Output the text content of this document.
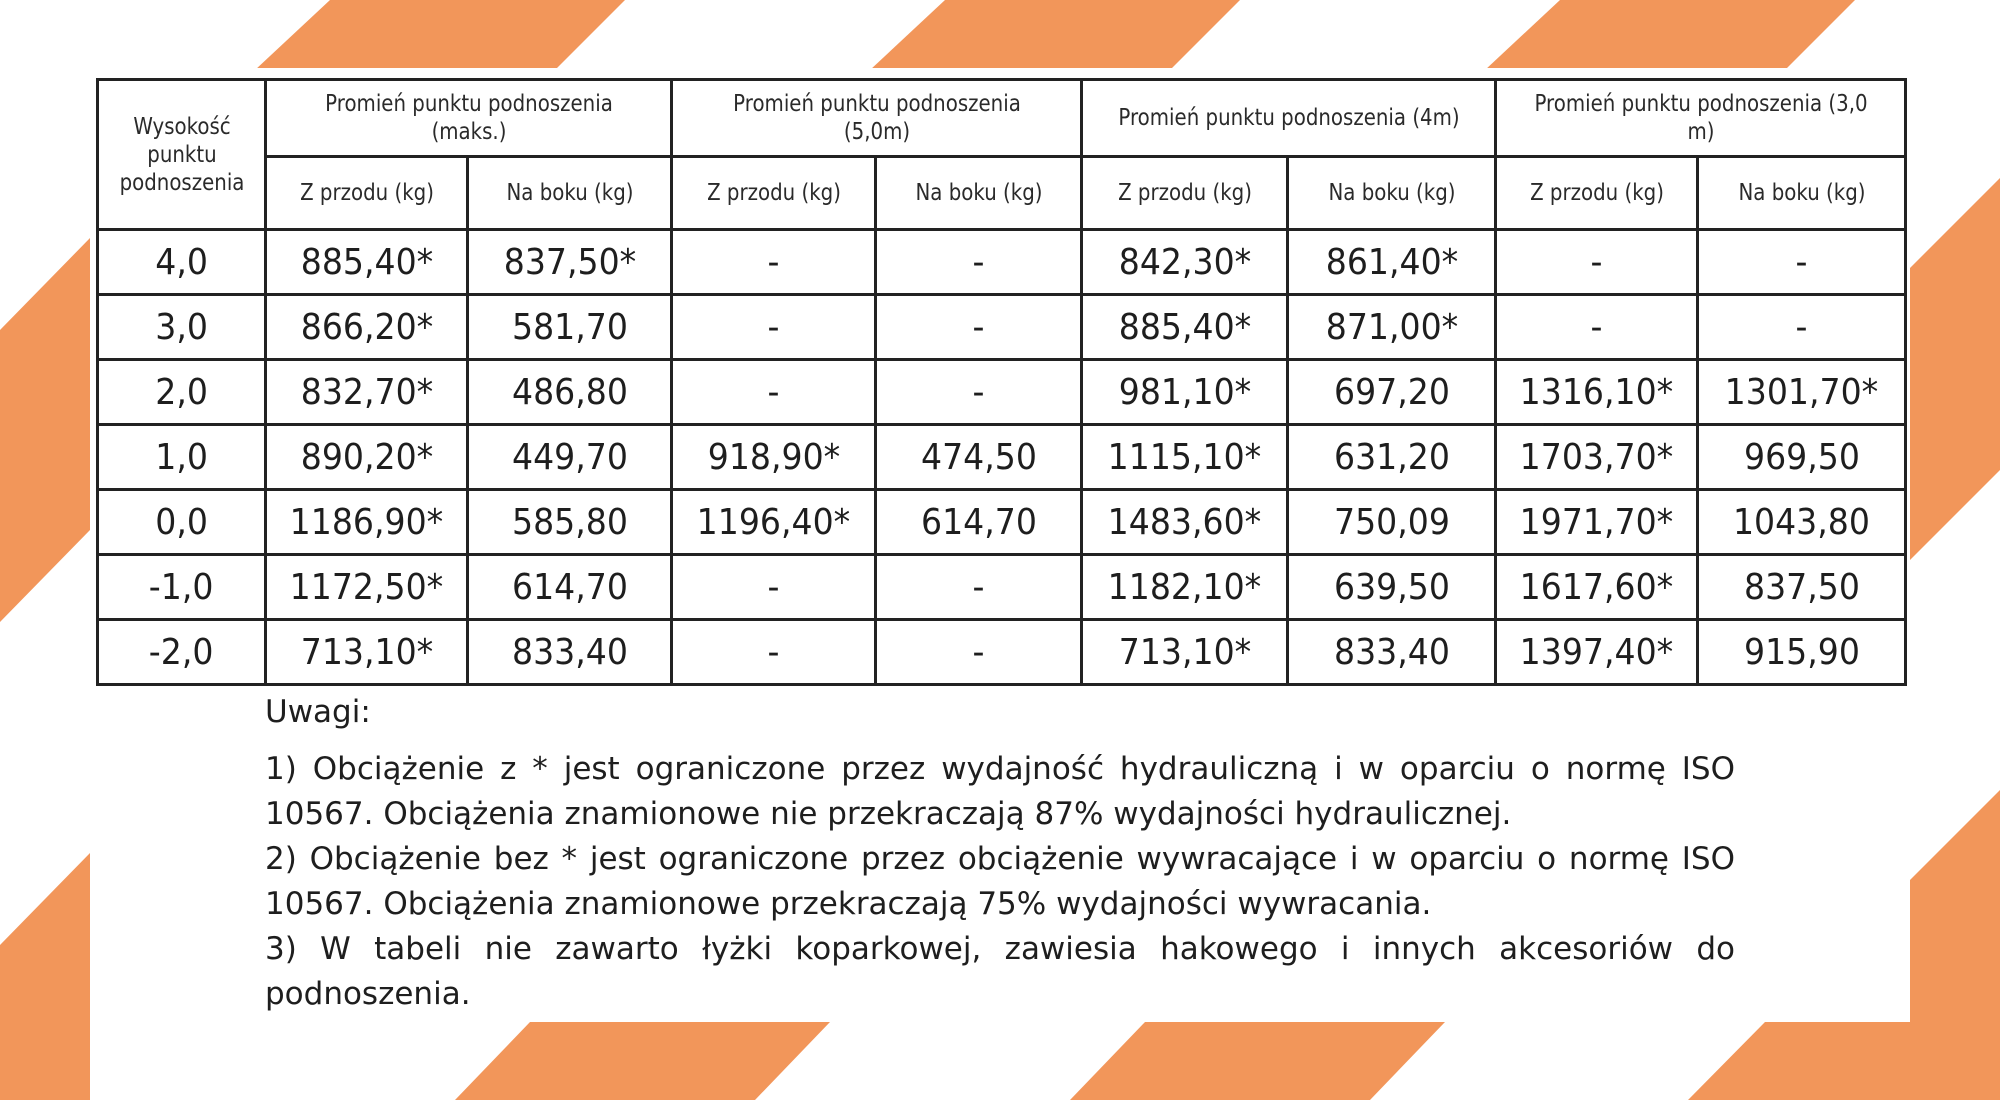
Wysokość punktu podnoszenia	Promień punktu podnoszenia (maks.)		Promień punktu podnoszenia (5,0m)		Promień punktu podnoszenia (4m)		Promień punktu podnoszenia (3,0 m)	
	Z przodu (kg)	Na boku (kg)	Z przodu (kg)	Na boku (kg)	Z przodu (kg)	Na boku (kg)	Z przodu (kg)	Na boku (kg)
4,0	885,40*	837,50*	-	-	842,30*	861,40*	-	-
3,0	866,20*	581,70	-	-	885,40*	871,00*	-	-
2,0	832,70*	486,80	-	-	981,10*	697,20	1316,10*	1301,70*
1,0	890,20*	449,70	918,90*	474,50	1115,10*	631,20	1703,70*	969,50
0,0	1186,90*	585,80	1196,40*	614,70	1483,60*	750,09	1971,70*	1043,80
-1,0	1172,50*	614,70	-	-	1182,10*	639,50	1617,60*	837,50
-2,0	713,10*	833,40	-	-	713,10*	833,40	1397,40*	915,90
Uwagi:
1) Obciążenie z * jest ograniczone przez wydajność hydrauliczną i w oparciu o normę ISO 10567. Obciążenia znamionowe nie przekraczają 87% wydajności hydraulicznej.
2) Obciążenie bez * jest ograniczone przez obciążenie wywracające i w oparciu o normę ISO 10567. Obciążenia znamionowe przekraczają 75% wydajności wywracania.
3) W tabeli nie zawarto łyżki koparkowej, zawiesia hakowego i innych akcesoriów do podnoszenia.
